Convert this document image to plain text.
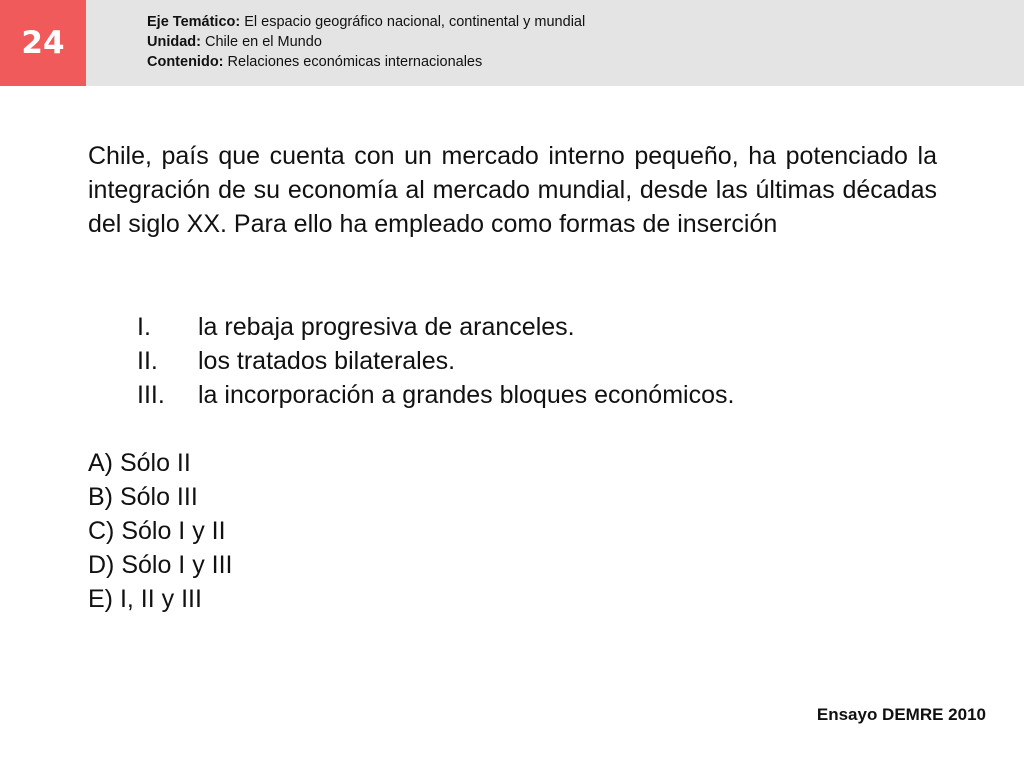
24
Eje Temático: El espacio geográfico nacional, continental y mundial
Unidad: Chile en el Mundo
Contenido: Relaciones económicas internacionales

Chile, país que cuenta con un mercado interno pequeño, ha potenciado la integración de su economía al mercado mundial, desde las últimas décadas del siglo XX. Para ello ha empleado como formas de inserción

I.	la rebaja progresiva de aranceles.
II.	los tratados bilaterales.
III.	la incorporación a grandes bloques económicos.
A) Sólo II
B) Sólo III
C) Sólo I y II
D) Sólo I y III
E) I, II y III
Ensayo DEMRE 2010
